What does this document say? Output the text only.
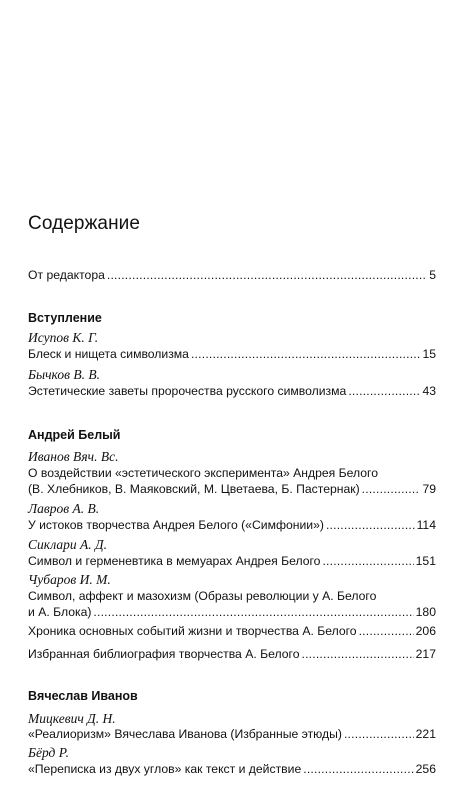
Содержание
От редактора .....	5
Вступление
Исупов К. Г.
Блеск и нищета символизма .....	15
Бычков В. В.
Эстетические заветы пророчества русского символизма .....	43
Андрей Белый
Иванов Вяч. Вс.
О воздействии «эстетического эксперимента» Андрея Белого
(В. Хлебников, В. Маяковский, М. Цветаева, Б. Пастернак) .....	79
Лавров А. В.
У истоков творчества Андрея Белого («Симфонии») .....	114
Сиклари А. Д.
Символ и герменевтика в мемуарах Андрея Белого .....	151
Чубаров И. М.
Символ, аффект и мазохизм (Образы революции у А. Белого
и А. Блока) .....	180
Хроника основных событий жизни и творчества А. Белого .....	206
Избранная библиография творчества А. Белого .....	217
Вячеслав Иванов
Мицкевич Д. Н.
«Реалиоризм» Вячеслава Иванова (Избранные этюды) .....	221
Бёрд Р.
«Переписка из двух углов» как текст и действие .....	256
